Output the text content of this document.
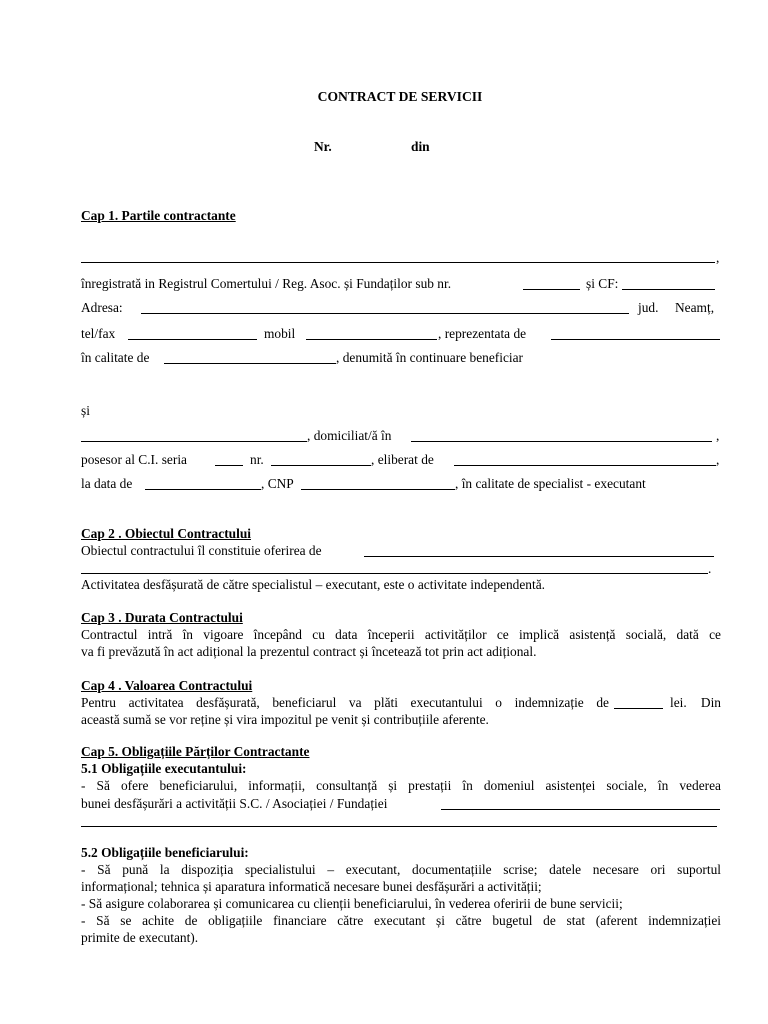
CONTRACT DE SERVICII
Nr.	din
Cap 1. Partile contractante
,
înregistrată in Registrul Comertului / Reg. Asoc. și Fundaților sub nr.	și CF:
Adresa:	jud. Neamț,
tel/fax	mobil	, reprezentata de
în calitate de	, denumită în continuare beneficiar
și
, domiciliat/ă în	,
posesor al C.I. seria	nr.	, eliberat de	,
la data de	, CNP	, în calitate de specialist - executant
Cap 2 . Obiectul Contractului
Obiectul contractului îl constituie oferirea de
.
Activitatea desfășurată de către specialistul – executant, este o activitate independentă.
Cap 3 . Durata Contractului
Contractul intră în vigoare începând cu data începerii activităților ce implică asistență socială, dată ce
va fi prevăzută în act adițional la prezentul contract și încetează tot prin act adițional.
Cap 4 . Valoarea Contractului
Pentru activitatea desfășurată, beneficiarul va plăti executantului o indemnizație de	lei. Din
această sumă se vor reține și vira impozitul pe venit și contribuțiile aferente.
Cap 5. Obligațiile Părților Contractante
5.1 Obligațiile executantului:
- Să ofere beneficiarului, informații, consultanță și prestații în domeniul asistenței sociale, în vederea
bunei desfășurări a activității S.C. / Asociației / Fundației
5.2 Obligațiile beneficiarului:
- Să pună la dispoziția specialistului – executant, documentațiile scrise; datele necesare ori suportul
informațional; tehnica și aparatura informatică necesare bunei desfășurări a activității;
- Să asigure colaborarea și comunicarea cu clienții beneficiarului, în vederea oferirii de bune servicii;
- Să se achite de obligațiile financiare către executant și către bugetul de stat (aferent indemnizației
primite de executant).
